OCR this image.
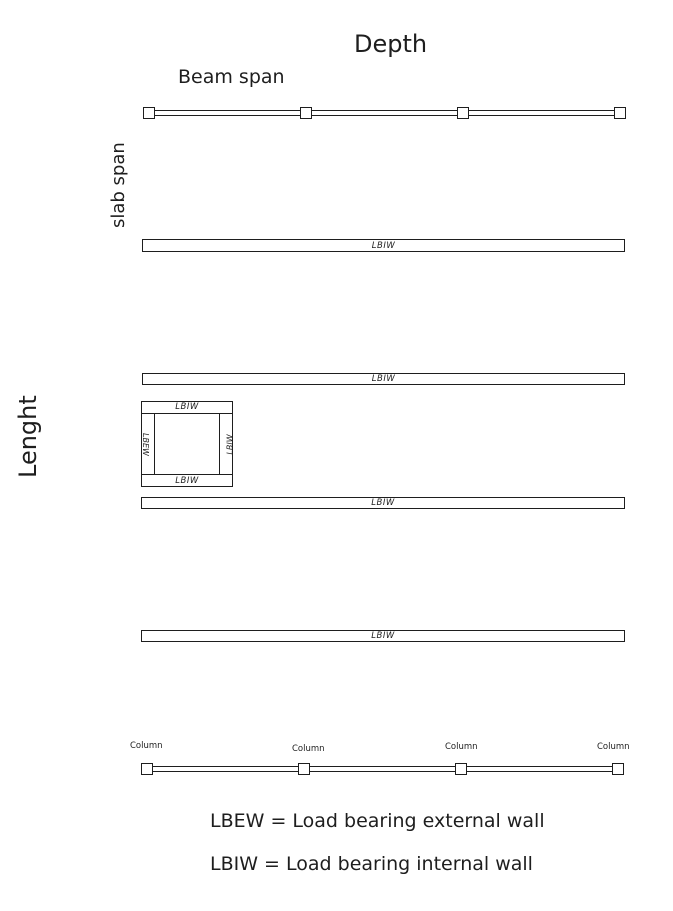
Depth
Beam span
slab span
Lenght
LBIW
LBIW
LBIW
LBIW
LBEW	LBIW
LBIW
LBIW
Column	Column	Column	Column
LBEW = Load bearing external wall
LBIW = Load bearing internal wall
